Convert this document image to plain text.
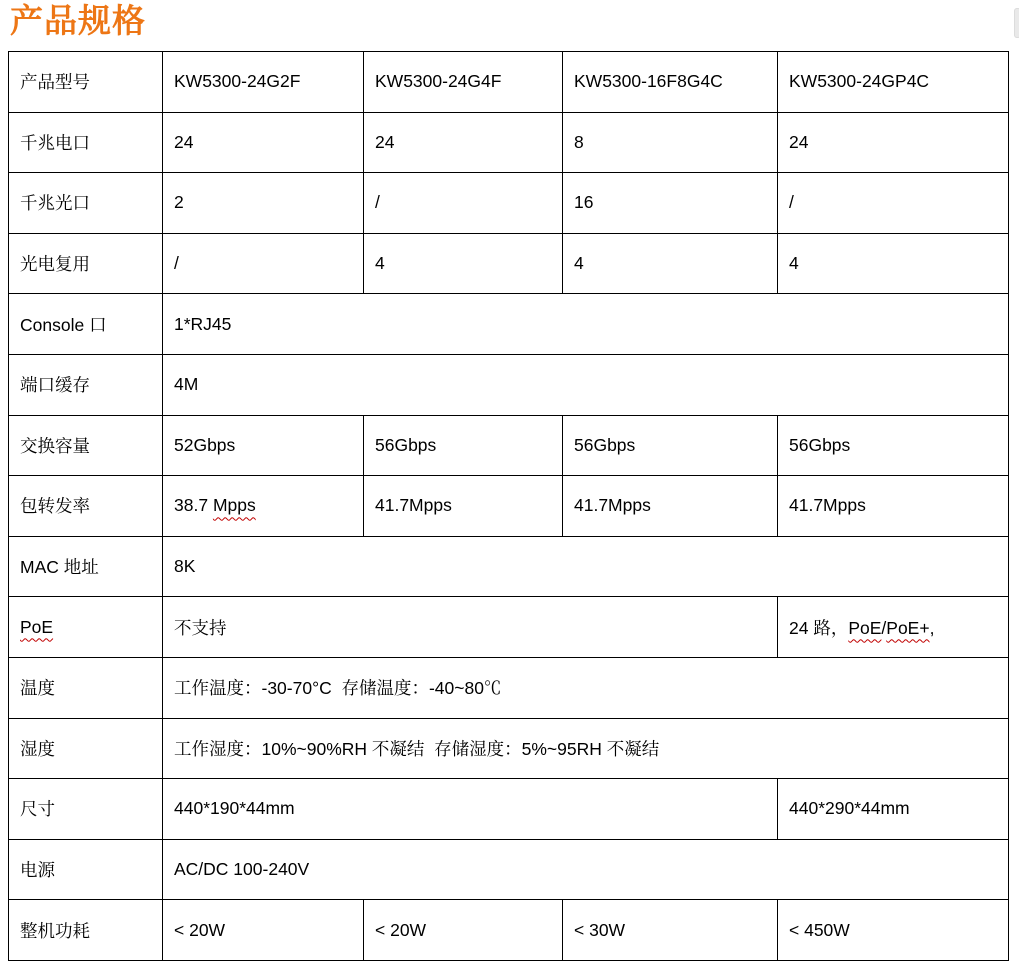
产品规格
产品型号	KW5300-24G2F	KW5300-24G4F	KW5300-16F8G4C	KW5300-24GP4C
千兆电口	24	24	8	24
千兆光口	2	/	16	/
光电复用	/	4	4	4
Console 口	1*RJ45			
端口缓存	4M			
交换容量	52Gbps	56Gbps	56Gbps	56Gbps
包转发率	38.7 Mpps	41.7Mpps	41.7Mpps	41.7Mpps
MAC 地址	8K			
PoE	不支持			24 路，PoE/PoE+,
温度	工作温度：-30-70°C  存储温度：-40~80℃			
湿度	工作湿度：10%~90%RH 不凝结  存储湿度：5%~95RH 不凝结			
尺寸	440*190*44mm			440*290*44mm
电源	AC/DC 100-240V			
整机功耗	< 20W	< 20W	< 30W	< 450W
